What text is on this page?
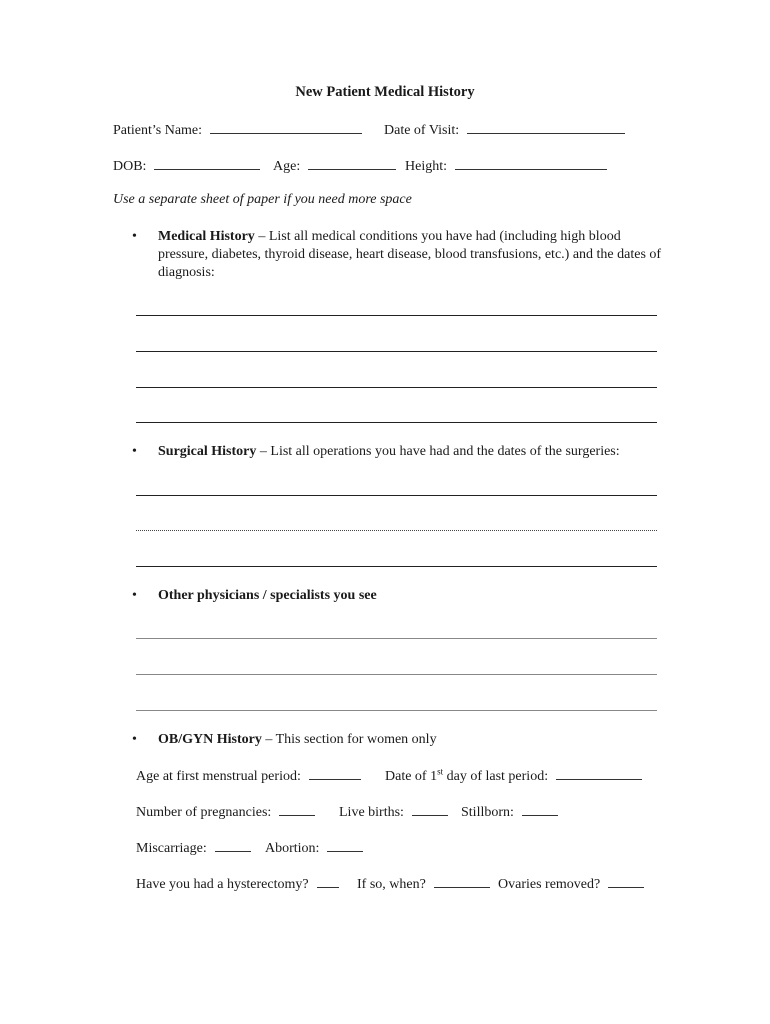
New Patient Medical History
Patient’s Name:	Date of Visit:
DOB:	Age:	Height:
Use a separate sheet of paper if you need more space
• Medical History – List all medical conditions you have had (including high blood pressure, diabetes, thyroid disease, heart disease, blood transfusions, etc.) and the dates of diagnosis:
• Surgical History – List all operations you have had and the dates of the surgeries:
• Other physicians / specialists you see
• OB/GYN History – This section for women only
Age at first menstrual period:	Date of 1st day of last period:
Number of pregnancies:	Live births:	Stillborn:
Miscarriage:	Abortion:
Have you had a hysterectomy?	If so, when?	Ovaries removed?
